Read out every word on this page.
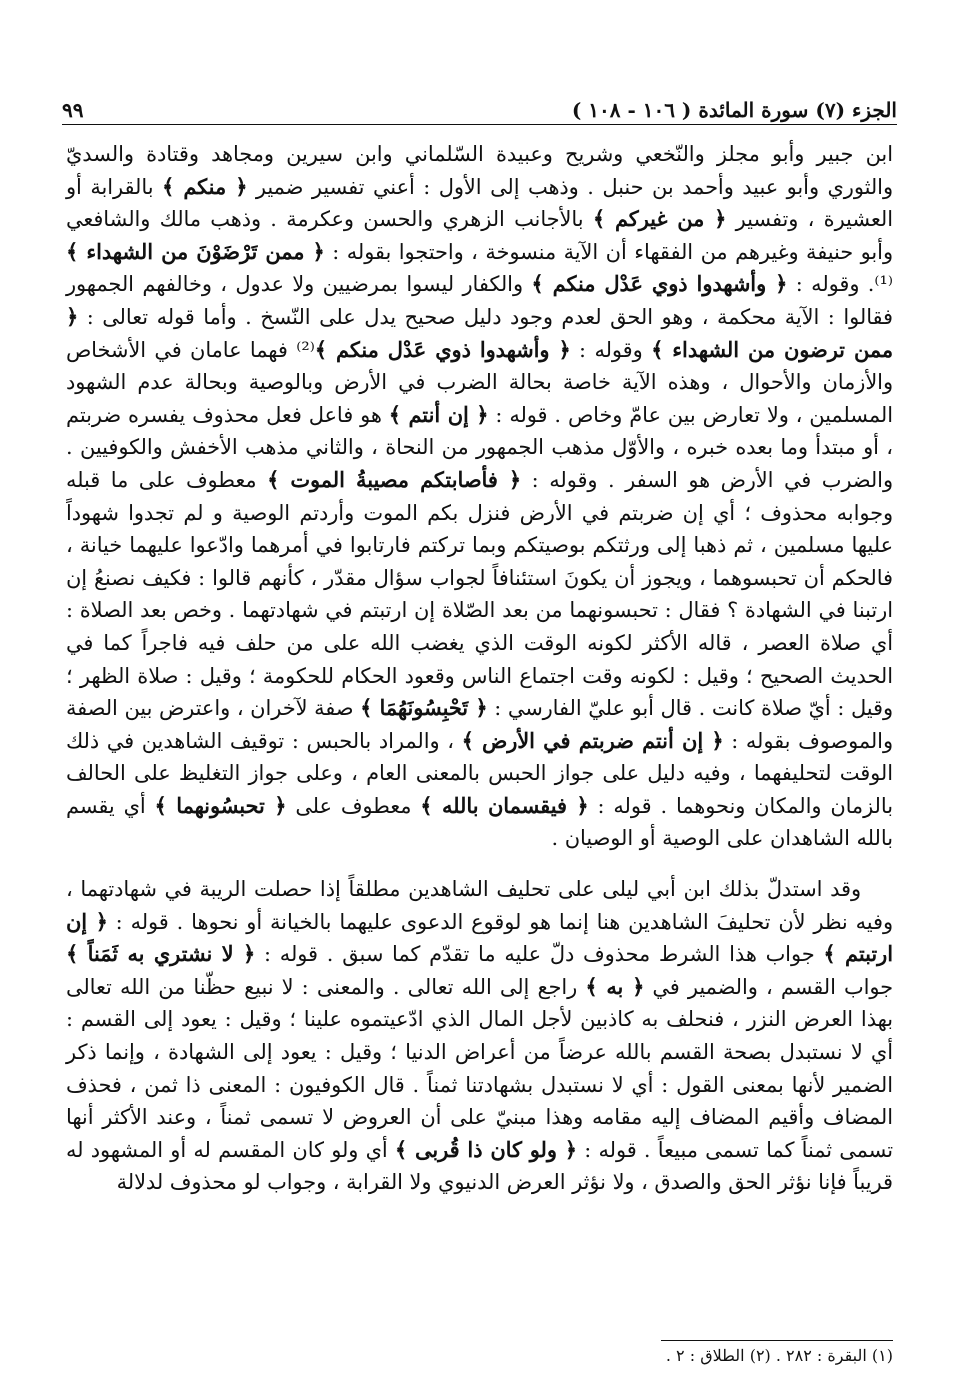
٩٩	الجزء (٧) سورة المائدة ( ١٠٦ - ١٠٨ )

ابن جبير وأبو مجلز والنّخعي وشريح وعبيدة السّلماني وابن سيرين ومجاهد وقتادة والسديّ والثوري وأبو عبيد وأحمد بن حنبل . وذهب إلى الأول : أعني تفسير ضمير ﴿ منكم ﴾ بالقرابة أو العشيرة ، وتفسير ﴿ من غيركم ﴾ بالأجانب الزهري والحسن وعكرمة . وذهب مالك والشافعي وأبو حنيفة وغيرهم من الفقهاء أن الآية منسوخة ، واحتجوا بقوله : ﴿ ممن تَرْضَوْنَ من الشهداء ﴾⁽¹⁾. وقوله : ﴿ وأشهدوا ذوي عَدْل منكم ﴾ والكفار ليسوا بمرضيين ولا عدول ، وخالفهم الجمهور فقالوا : الآية محكمة ، وهو الحق لعدم وجود دليل صحيح يدل على النّسخ . وأما قوله تعالى : ﴿ ممن ترضون من الشهداء ﴾ وقوله : ﴿ وأشهدوا ذوي عَدْل منكم ﴾⁽²⁾ فهما عامان في الأشخاص والأزمان والأحوال ، وهذه الآية خاصة بحالة الضرب في الأرض وبالوصية وبحالة عدم الشهود المسلمين ، ولا تعارض بين عامّ وخاص . قوله : ﴿ إن أنتم ﴾ هو فاعل فعل محذوف يفسره ضربتم ، أو مبتدأ وما بعده خبره ، والأوّل مذهب الجمهور من النحاة ، والثاني مذهب الأخفش والكوفيين . والضرب في الأرض هو السفر . وقوله : ﴿ فأصابتكم مصيبةُ الموت ﴾ معطوف على ما قبله وجوابه محذوف ؛ أي إن ضربتم في الأرض فنزل بكم الموت وأردتم الوصية و لم تجدوا شهوداً عليها مسلمين ، ثم ذهبا إلى ورثتكم بوصيتكم وبما تركتم فارتابوا في أمرهما وادّعوا عليهما خيانة ، فالحكم أن تحبسوهما ، ويجوز أن يكونَ استئنافاً لجواب سؤال مقدّر ، كأنهم قالوا : فكيف نصنعُ إن ارتبنا في الشهادة ؟ فقال : تحبسونهما من بعد الصّلاة إن ارتبتم في شهادتهما . وخص بعد الصلاة : أي صلاة العصر ، قاله الأكثر لكونه الوقت الذي يغضب الله على من حلف فيه فاجراً كما في الحديث الصحيح ؛ وقيل : لكونه وقت اجتماع الناس وقعود الحكام للحكومة ؛ وقيل : صلاة الظهر ؛ وقيل : أيّ صلاة كانت . قال أبو عليّ الفارسي : ﴿ تَحْبِسُونَهُمَا ﴾ صفة لآخران ، واعترض بين الصفة والموصوف بقوله : ﴿ إن أنتم ضربتم في الأرض ﴾ ، والمراد بالحبس : توقيف الشاهدين في ذلك الوقت لتحليفهما ، وفيه دليل على جواز الحبس بالمعنى العام ، وعلى جواز التغليظ على الحالف بالزمان والمكان ونحوهما . قوله : ﴿ فيقسمان بالله ﴾ معطوف على ﴿ تحبسُونهما ﴾ أي يقسم بالله الشاهدان على الوصية أو الوصيان .

وقد استدلّ بذلك ابن أبي ليلى على تحليف الشاهدين مطلقاً إذا حصلت الريبة في شهادتهما ، وفيه نظر لأن تحليفَ الشاهدين هنا إنما هو لوقوع الدعوى عليهما بالخيانة أو نحوها . قوله : ﴿ إن ارتبتم ﴾ جواب هذا الشرط محذوف دلّ عليه ما تقدّم كما سبق . قوله : ﴿ لا نشتري به ثَمَناً ﴾ جواب القسم ، والضمير في ﴿ به ﴾ راجع إلى الله تعالى . والمعنى : لا نبيع حظّنا من الله تعالى بهذا العرض النزر ، فنحلف به كاذبين لأجل المال الذي ادّعيتموه علينا ؛ وقيل : يعود إلى القسم : أي لا نستبدل بصحة القسم بالله عرضاً من أعراض الدنيا ؛ وقيل : يعود إلى الشهادة ، وإنما ذكر الضمير لأنها بمعنى القول : أي لا نستبدل بشهادتنا ثمناً . قال الكوفيون : المعنى ذا ثمن ، فحذف المضاف وأقيم المضاف إليه مقامه وهذا مبنيّ على أن العروض لا تسمى ثمناً ، وعند الأكثر أنها تسمى ثمناً كما تسمى مبيعاً . قوله : ﴿ ولو كان ذا قُربى ﴾ أي ولو كان المقسم له أو المشهود له قريباً فإنا نؤثر الحق والصدق ، ولا نؤثر العرض الدنيوي ولا القرابة ، وجواب لو محذوف لدلالة

(١) البقرة : ٢٨٢ . (٢) الطلاق : ٢ .
